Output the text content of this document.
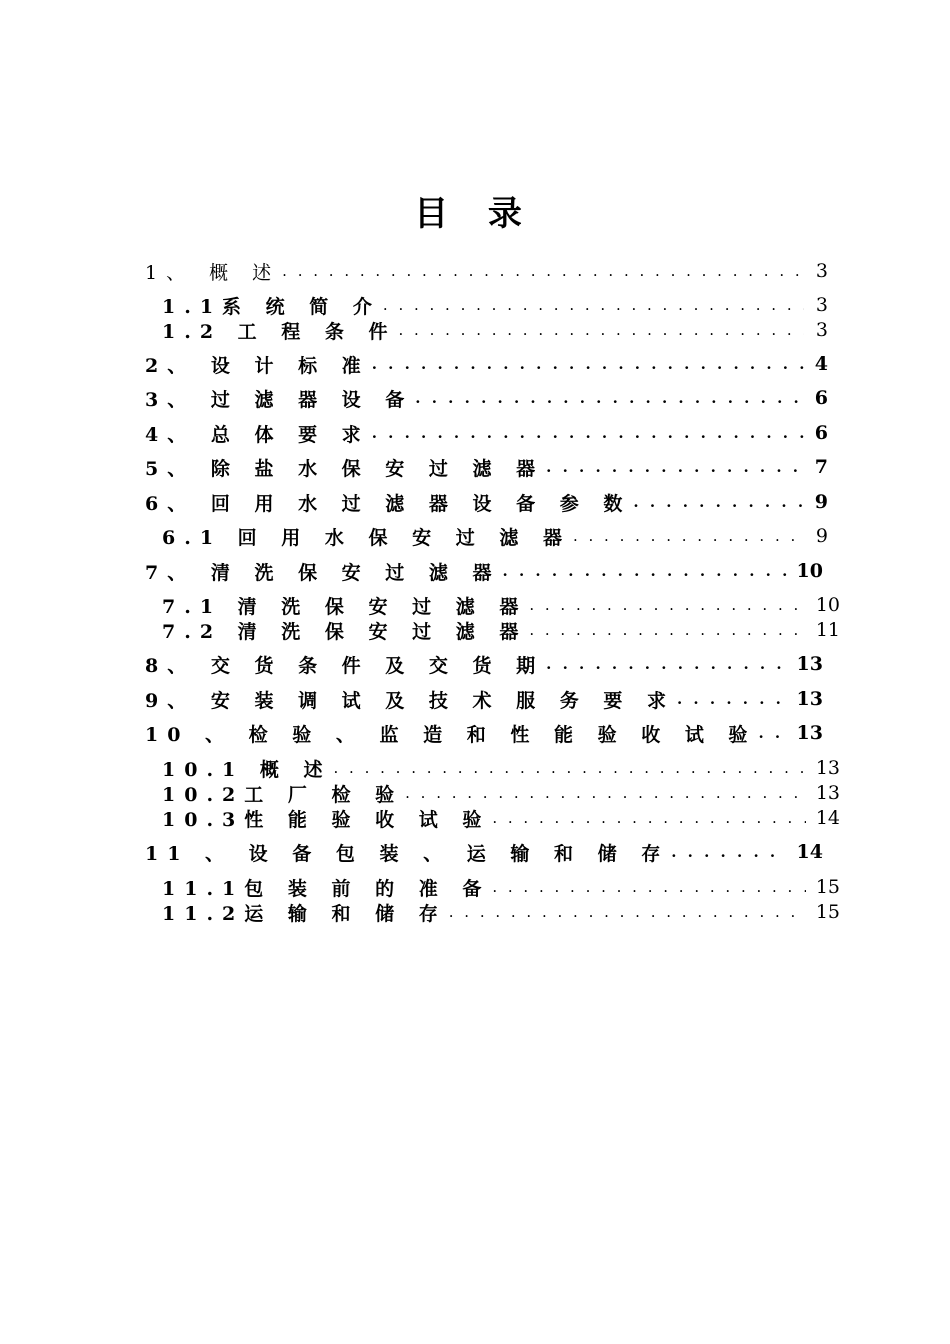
目 录
1、 概 述 . . .	3
1.1系 统 简 介 . . .	3
1.2 工 程 条 件 . . .	3
2、 设 计 标 准 . . .	4
3、 过 滤 器 设 备 . . .	6
4、 总 体 要 求 . . .	6
5、 除 盐 水 保 安 过 滤 器 . . .	7
6、 回 用 水 过 滤 器 设 备 参 数 . . .	9
6.1 回 用 水 保 安 过 滤 器 . . .	9
7、 清 洗 保 安 过 滤 器 . . .	10
7.1 清 洗 保 安 过 滤 器 . . .	10
7.2 清 洗 保 安 过 滤 器 . . .	11
8、 交 货 条 件 及 交 货 期 . . .	13
9、 安 装 调 试 及 技 术 服 务 要 求 . . .	13
10 、 检 验 、 监 造 和 性 能 验 收 试 验 . . . 13
10.1 概 述 . . .	13
10.2工 厂 检 验 . . .	13
10.3性 能 验 收 试 验 . . .	14
11 、 设 备 包 装 、 运 输 和 储 存 . . .	14
11.1包 装 前 的 准 备 . . .	15
11.2运 输 和 储 存 . . .	15
